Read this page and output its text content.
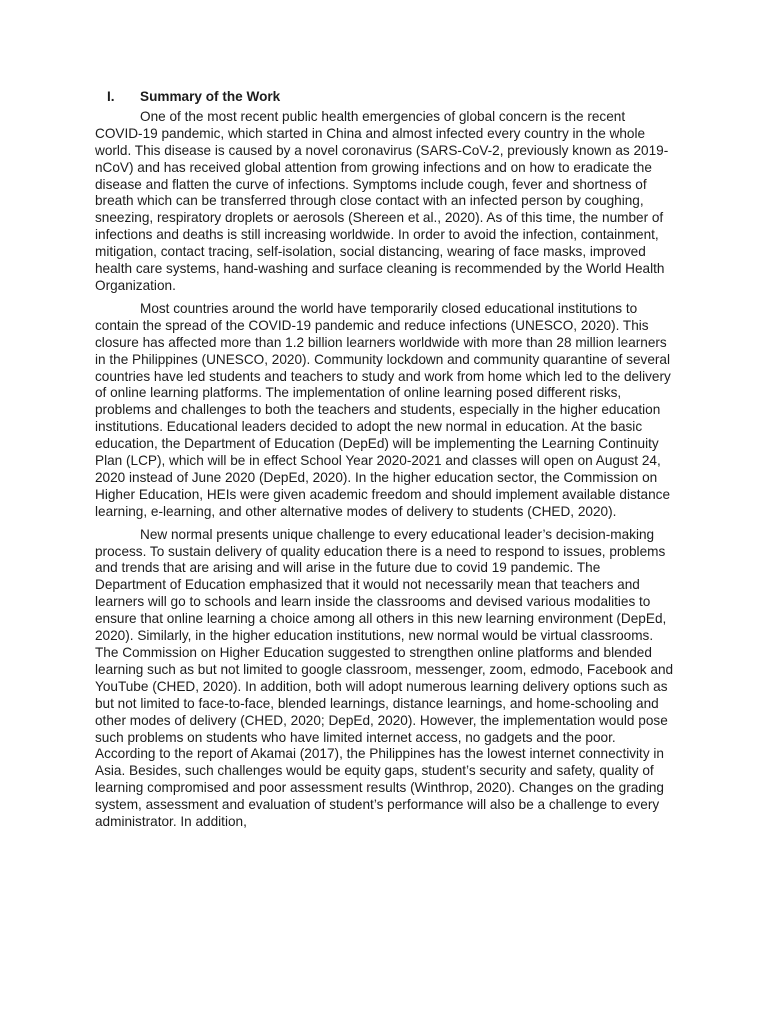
I.	Summary of the Work

One of the most recent public health emergencies of global concern is the recent COVID-19 pandemic, which started in China and almost infected every country in the whole world. This disease is caused by a novel coronavirus (SARS-CoV-2, previously known as 2019-nCoV) and has received global attention from growing infections and on how to eradicate the disease and flatten the curve of infections. Symptoms include cough, fever and shortness of breath which can be transferred through close contact with an infected person by coughing, sneezing, respiratory droplets or aerosols (Shereen et al., 2020). As of this time, the number of infections and deaths is still increasing worldwide. In order to avoid the infection, containment, mitigation, contact tracing, self-isolation, social distancing, wearing of face masks, improved health care systems, hand-washing and surface cleaning is recommended by the World Health Organization.

Most countries around the world have temporarily closed educational institutions to contain the spread of the COVID-19 pandemic and reduce infections (UNESCO, 2020). This closure has affected more than 1.2 billion learners worldwide with more than 28 million learners in the Philippines (UNESCO, 2020). Community lockdown and community quarantine of several countries have led students and teachers to study and work from home which led to the delivery of online learning platforms. The implementation of online learning posed different risks, problems and challenges to both the teachers and students, especially in the higher education institutions. Educational leaders decided to adopt the new normal in education. At the basic education, the Department of Education (DepEd) will be implementing the Learning Continuity Plan (LCP), which will be in effect School Year 2020-2021 and classes will open on August 24, 2020 instead of June 2020 (DepEd, 2020). In the higher education sector, the Commission on Higher Education, HEIs were given academic freedom and should implement available distance learning, e-learning, and other alternative modes of delivery to students (CHED, 2020).

New normal presents unique challenge to every educational leader’s decision-making process. To sustain delivery of quality education there is a need to respond to issues, problems and trends that are arising and will arise in the future due to covid 19 pandemic. The Department of Education emphasized that it would not necessarily mean that teachers and learners will go to schools and learn inside the classrooms and devised various modalities to ensure that online learning a choice among all others in this new learning environment (DepEd, 2020). Similarly, in the higher education institutions, new normal would be virtual classrooms. The Commission on Higher Education suggested to strengthen online platforms and blended learning such as but not limited to google classroom, messenger, zoom, edmodo, Facebook and YouTube (CHED, 2020). In addition, both will adopt numerous learning delivery options such as but not limited to face-to-face, blended learnings, distance learnings, and home-schooling and other modes of delivery (CHED, 2020; DepEd, 2020). However, the implementation would pose such problems on students who have limited internet access, no gadgets and the poor. According to the report of Akamai (2017), the Philippines has the lowest internet connectivity in Asia. Besides, such challenges would be equity gaps, student’s security and safety, quality of learning compromised and poor assessment results (Winthrop, 2020). Changes on the grading system, assessment and evaluation of student’s performance will also be a challenge to every administrator. In addition,
